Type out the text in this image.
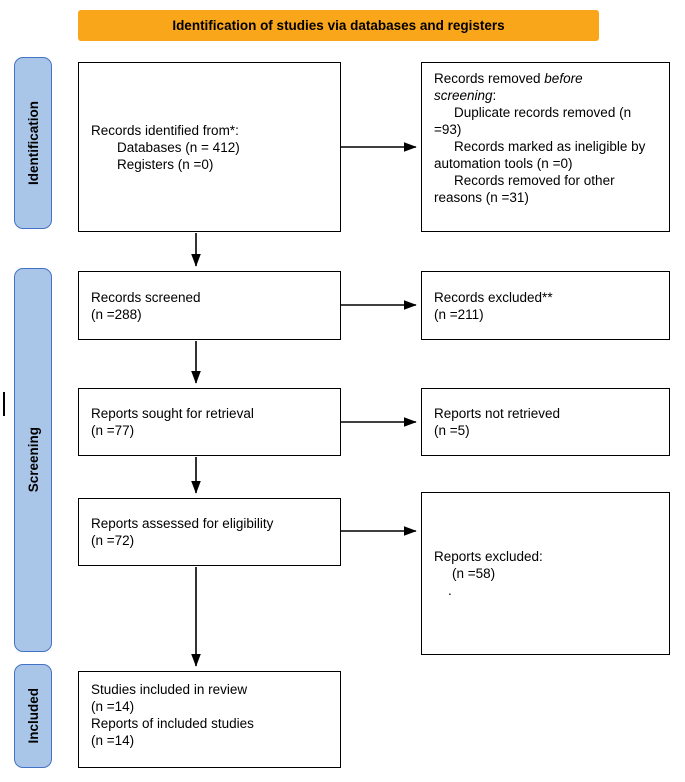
Identification of studies via databases and registers
Identification
Screening
Included
Records identified from*:
Databases (n = 412)
Registers (n =0)
Records removed before
screening:
Duplicate records removed (n =93)
Records marked as ineligible by automation tools (n =0)
Records removed for other reasons (n =31)
Records screened
(n =288)
Records excluded**
(n =211)
Reports sought for retrieval
(n =77)
Reports not retrieved
(n =5)
Reports assessed for eligibility
(n =72)
Reports excluded:
(n =58)
.
Studies included in review
(n =14)
Reports of included studies
(n =14)
